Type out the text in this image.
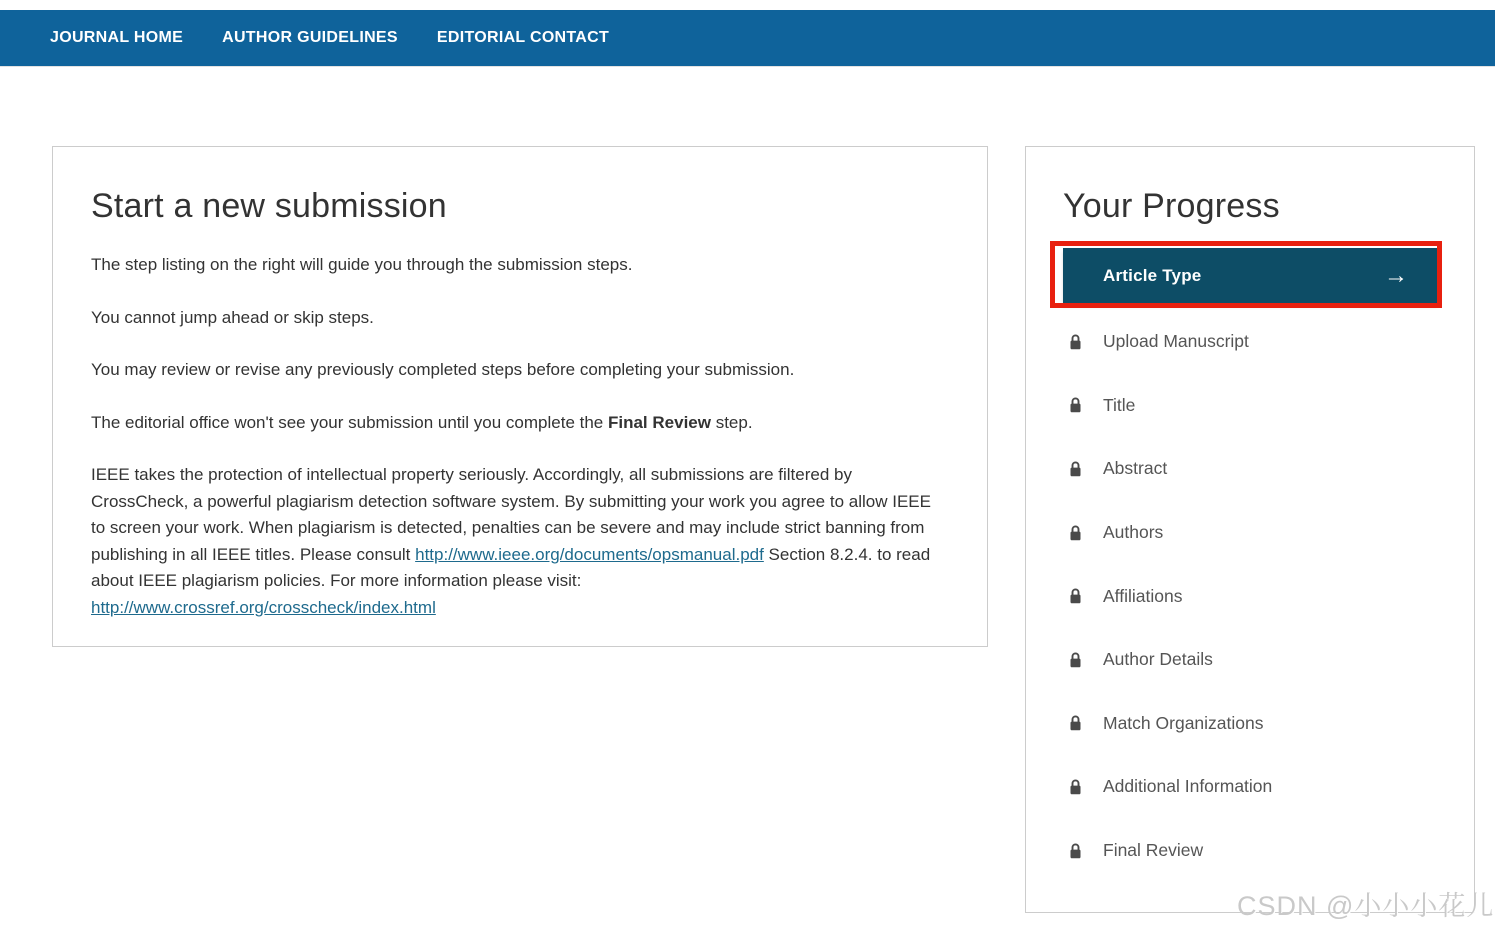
JOURNAL HOME AUTHOR GUIDELINES EDITORIAL CONTACT
Start a new submission

The step listing on the right will guide you through the submission steps.

You cannot jump ahead or skip steps.

You may review or revise any previously completed steps before completing your submission.

The editorial office won't see your submission until you complete the Final Review step.

IEEE takes the protection of intellectual property seriously. Accordingly, all submissions are filtered by CrossCheck, a powerful plagiarism detection software system. By submitting your work you agree to allow IEEE to screen your work. When plagiarism is detected, penalties can be severe and may include strict banning from publishing in all IEEE titles. Please consult http://www.ieee.org/documents/opsmanual.pdf Section 8.2.4. to read about IEEE plagiarism policies. For more information please visit:
http://www.crossref.org/crosscheck/index.html

Your Progress
Article Type	→
Upload Manuscript
Title
Abstract
Authors
Affiliations
Author Details
Match Organizations
Additional Information
Final Review
CSDN @小小小花儿
